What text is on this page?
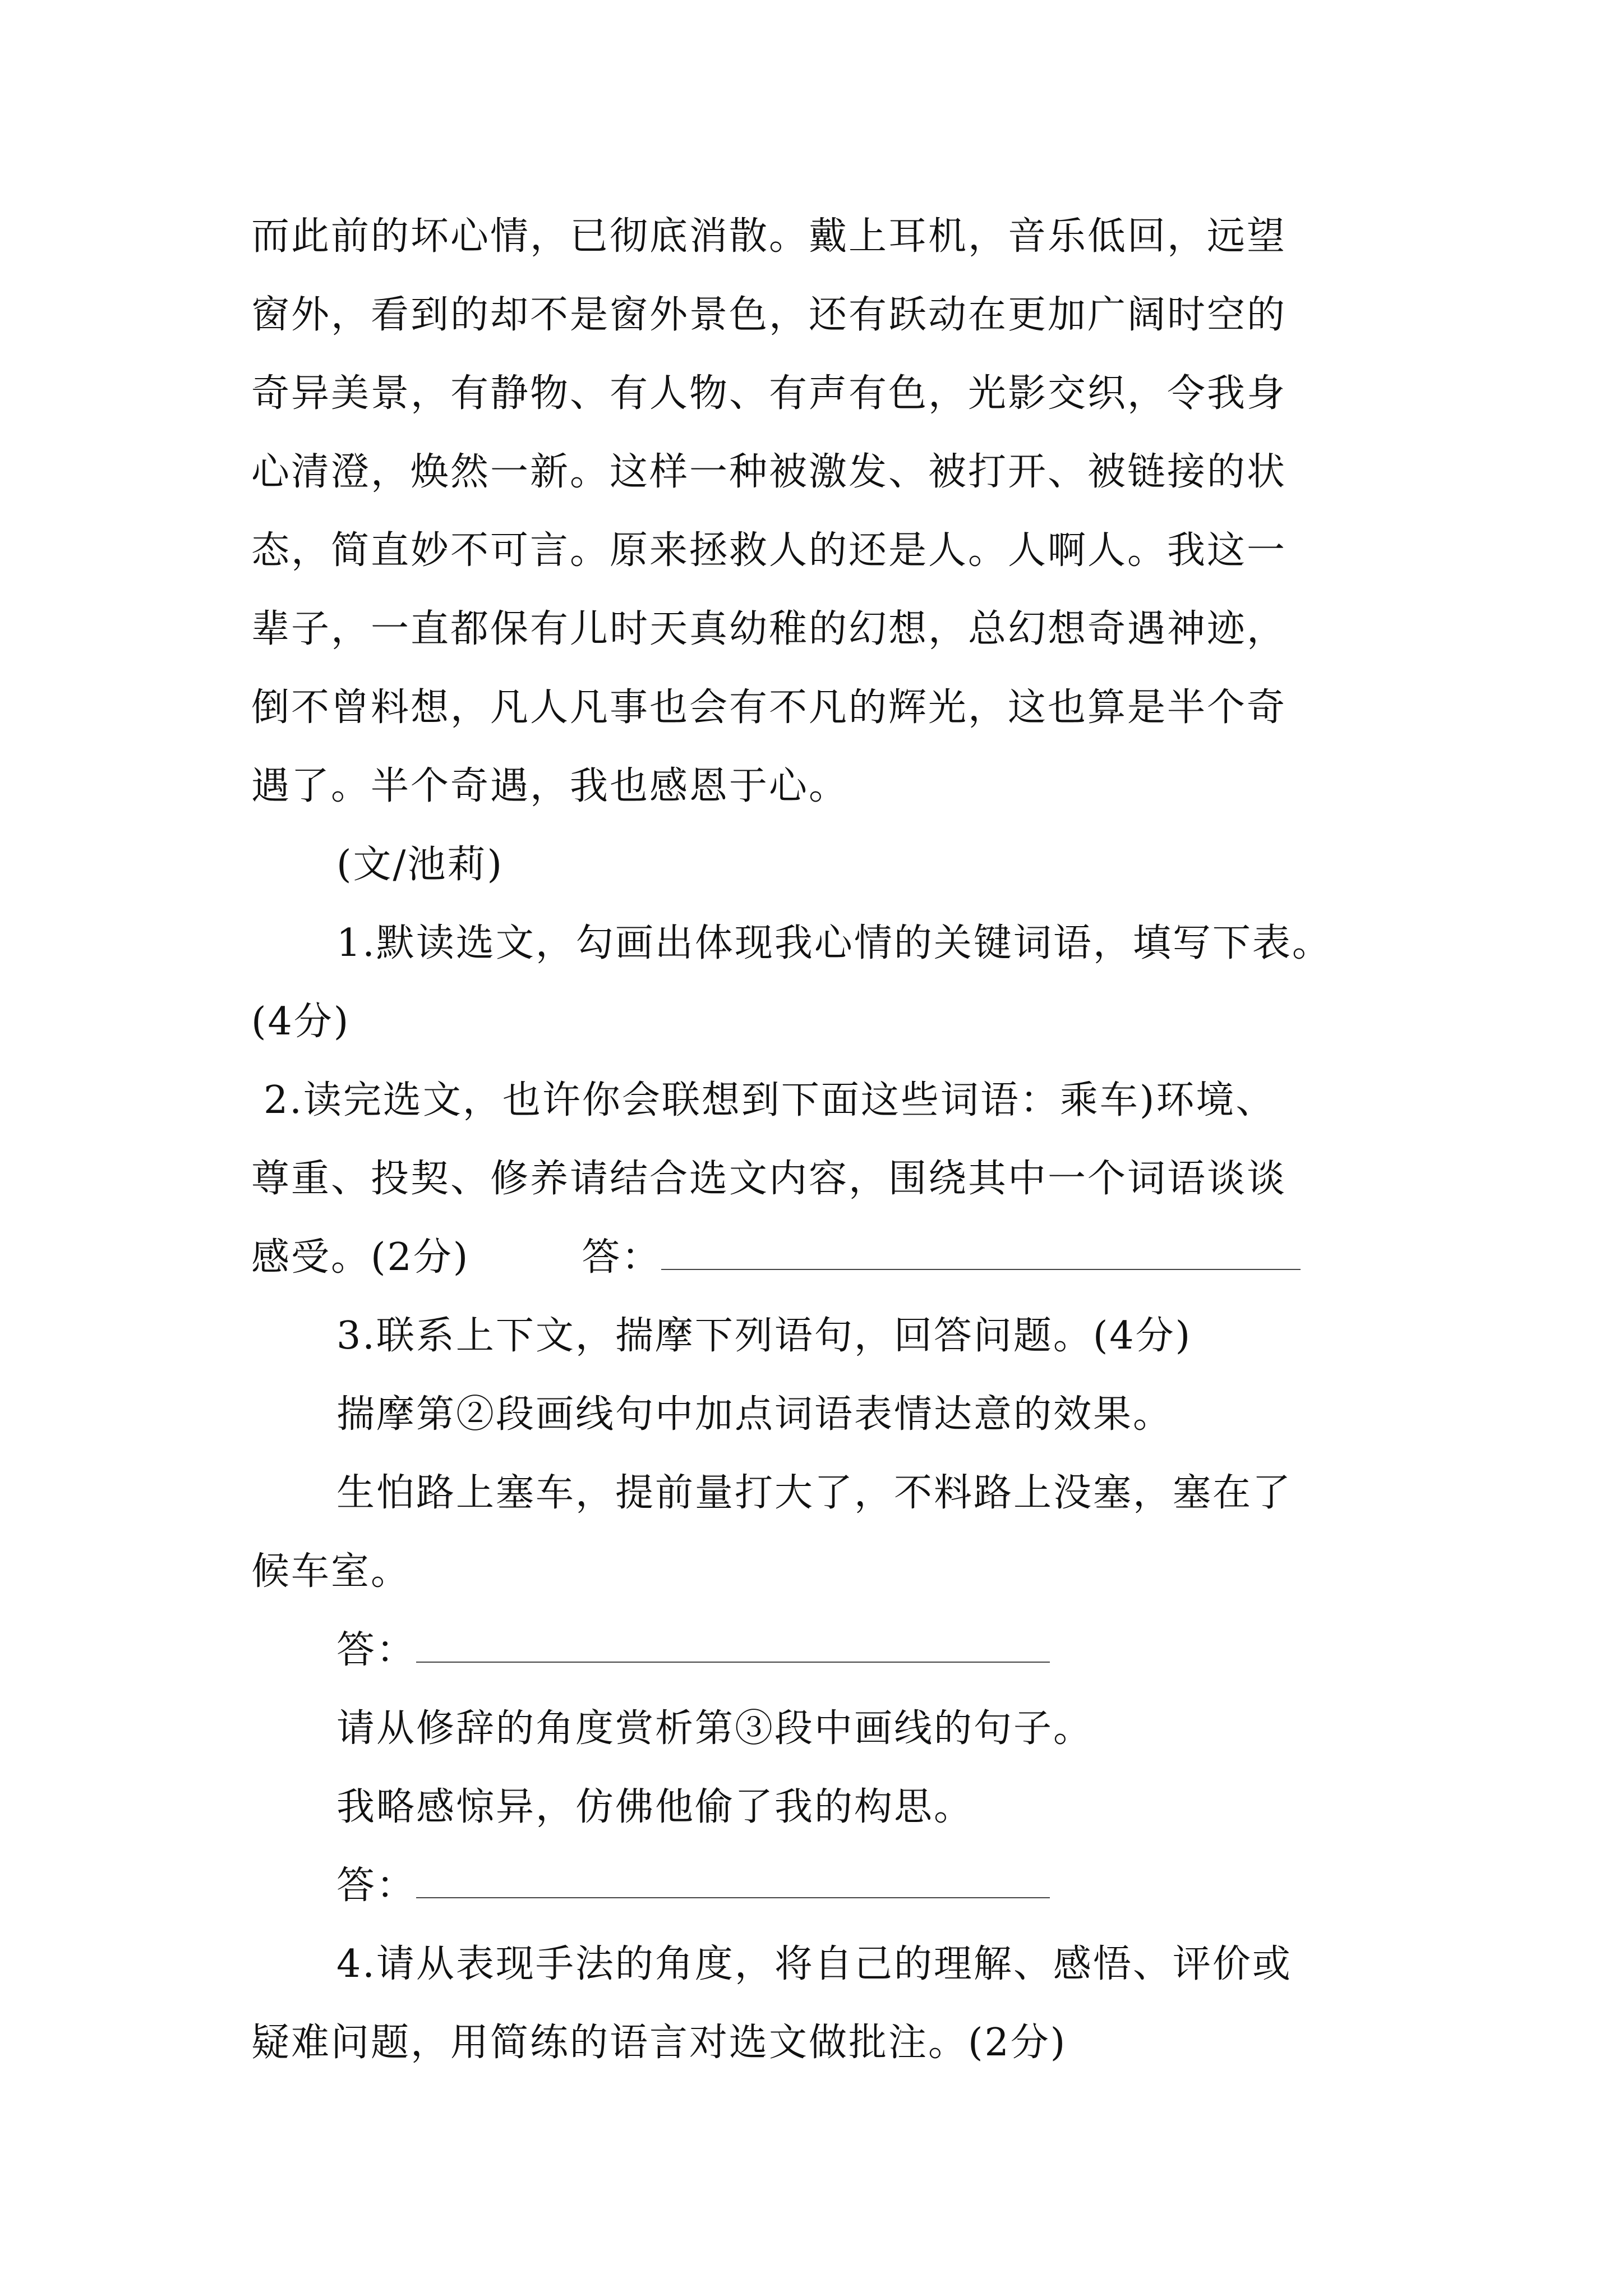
而此前的坏心情，已彻底消散。戴上耳机，音乐低回，远望

窗外，看到的却不是窗外景色，还有跃动在更加广阔时空的

奇异美景，有静物、有人物、有声有色，光影交织，令我身

心清澄，焕然一新。这样一种被激发、被打开、被链接的状

态，简直妙不可言。原来拯救人的还是人。人啊人。我这一

辈子，一直都保有儿时天真幼稚的幻想，总幻想奇遇神迹，

倒不曾料想，凡人凡事也会有不凡的辉光，这也算是半个奇

遇了。半个奇遇，我也感恩于心。

(文/池莉)

1.默读选文，勾画出体现我心情的关键词语，填写下表。

(4分)

2.读完选文，也许你会联想到下面这些词语：乘车)环境、

尊重、投契、修养请结合选文内容，围绕其中一个词语谈谈

感受。(2分)	答：

3.联系上下文，揣摩下列语句，回答问题。(4分)

揣摩第②段画线句中加点词语表情达意的效果。

生怕路上塞车，提前量打大了，不料路上没塞，塞在了

候车室。

答：

请从修辞的角度赏析第③段中画线的句子。

我略感惊异，仿佛他偷了我的构思。

答：

4.请从表现手法的角度，将自己的理解、感悟、评价或

疑难问题，用简练的语言对选文做批注。(2分)
